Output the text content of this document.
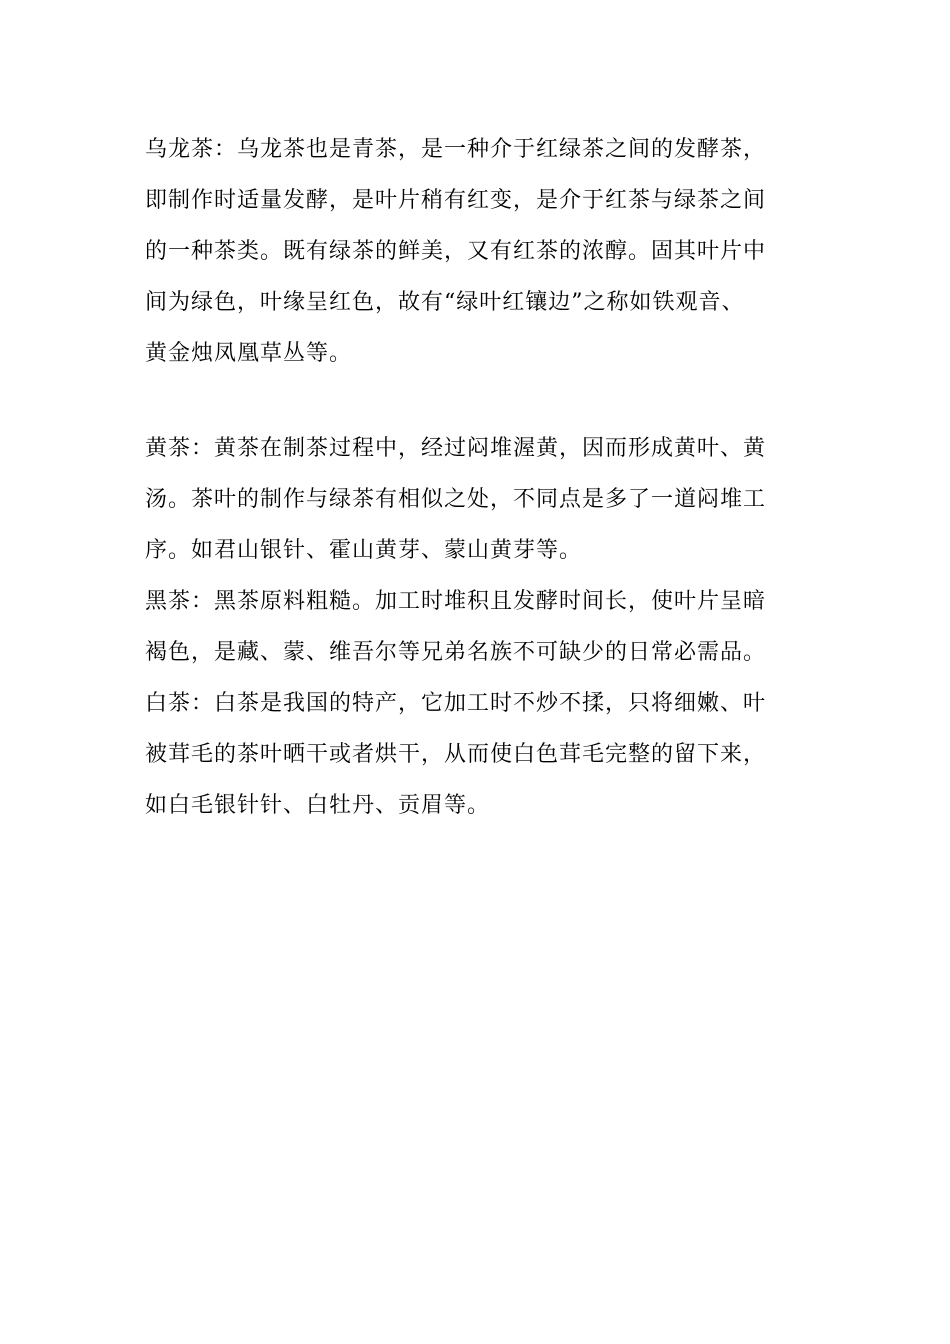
乌龙茶：乌龙茶也是青茶，是一种介于红绿茶之间的发酵茶，
即制作时适量发酵，是叶片稍有红变，是介于红茶与绿茶之间
的一种茶类。既有绿茶的鲜美，又有红茶的浓醇。固其叶片中
间为绿色，叶缘呈红色，故有“绿叶红镶边”之称如铁观音、
黄金烛凤凰草丛等。
黄茶：黄茶在制茶过程中，经过闷堆渥黄，因而形成黄叶、黄
汤。茶叶的制作与绿茶有相似之处，不同点是多了一道闷堆工
序。如君山银针、霍山黄芽、蒙山黄芽等。
黑茶：黑茶原料粗糙。加工时堆积且发酵时间长，使叶片呈暗
褐色，是藏、蒙、维吾尔等兄弟名族不可缺少的日常必需品。
白茶：白茶是我国的特产，它加工时不炒不揉，只将细嫩、叶
被茸毛的茶叶晒干或者烘干，从而使白色茸毛完整的留下来，
如白毛银针针、白牡丹、贡眉等。
